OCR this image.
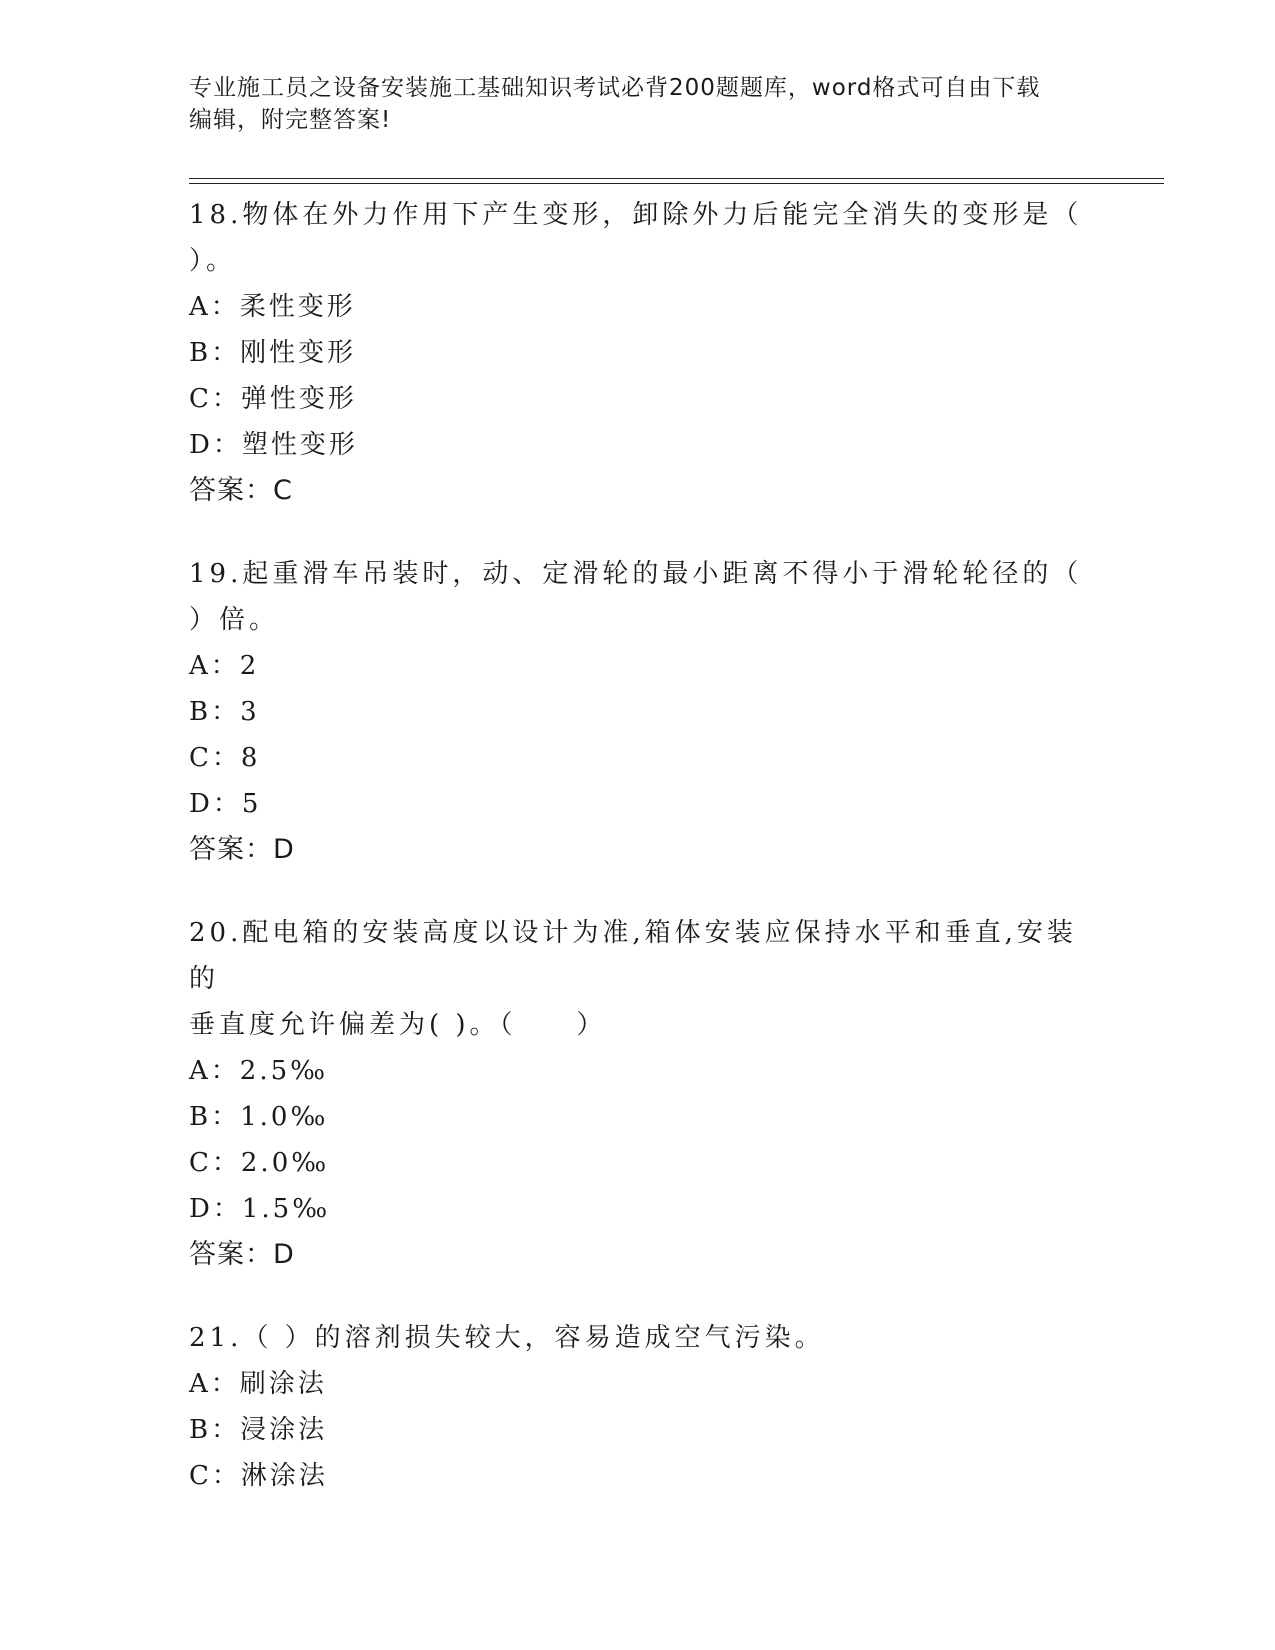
专业施工员之设备安装施工基础知识考试必背200题题库，word格式可自由下载
编辑，附完整答案!

18.物体在外力作用下产生变形，卸除外力后能完全消失的变形是（

）。

A：柔性变形

B：刚性变形

C：弹性变形

D：塑性变形

答案：C

19.起重滑车吊装时，动、定滑轮的最小距离不得小于滑轮轮径的（

）倍。

A：2

B：3

C：8

D：5

答案：D

20.配电箱的安装高度以设计为准,箱体安装应保持水平和垂直,安装的

垂直度允许偏差为( )。（　　）

A：2.5‰

B：1.0‰

C：2.0‰

D：1.5‰

答案：D

21.（ ）的溶剂损失较大，容易造成空气污染。

A：刷涂法

B：浸涂法

C：淋涂法
